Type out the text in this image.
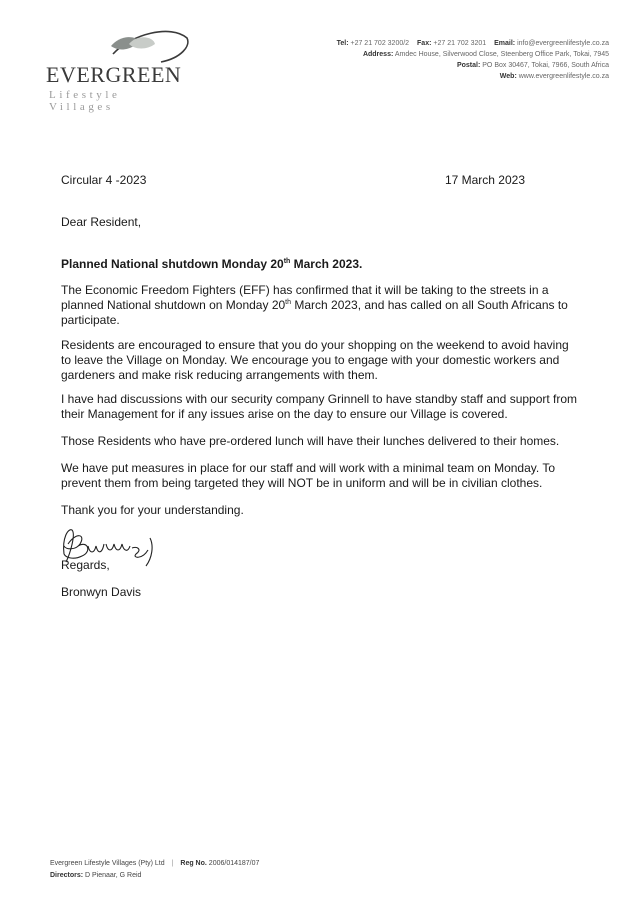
EVERGREEN
Lifestyle Villages
Tel: +27 21 702 3200/2 Fax: +27 21 702 3201 Email: info@evergreenlifestyle.co.za
Address: Amdec House, Silverwood Close, Steenberg Office Park, Tokai, 7945
Postal: PO Box 30467, Tokai, 7966, South Africa
Web: www.evergreenlifestyle.co.za
Circular 4 -2023	17 March 2023

Dear Resident,

Planned National shutdown Monday 20th March 2023.

The Economic Freedom Fighters (EFF) has confirmed that it will be taking to the streets in a planned National shutdown on Monday 20th March 2023, and has called on all South Africans to participate.

Residents are encouraged to ensure that you do your shopping on the weekend to avoid having to leave the Village on Monday. We encourage you to engage with your domestic workers and gardeners and make risk reducing arrangements with them.

I have had discussions with our security company Grinnell to have standby staff and support from their Management for if any issues arise on the day to ensure our Village is covered.

Those Residents who have pre-ordered lunch will have their lunches delivered to their homes.

We have put measures in place for our staff and will work with a minimal team on Monday. To prevent them from being targeted they will NOT be in uniform and will be in civilian clothes.

Thank you for your understanding.

Regards,

Bronwyn Davis

Evergreen Lifestyle Villages (Pty) Ltd | Reg No. 2006/014187/07
Directors: D Pienaar, G Reid
